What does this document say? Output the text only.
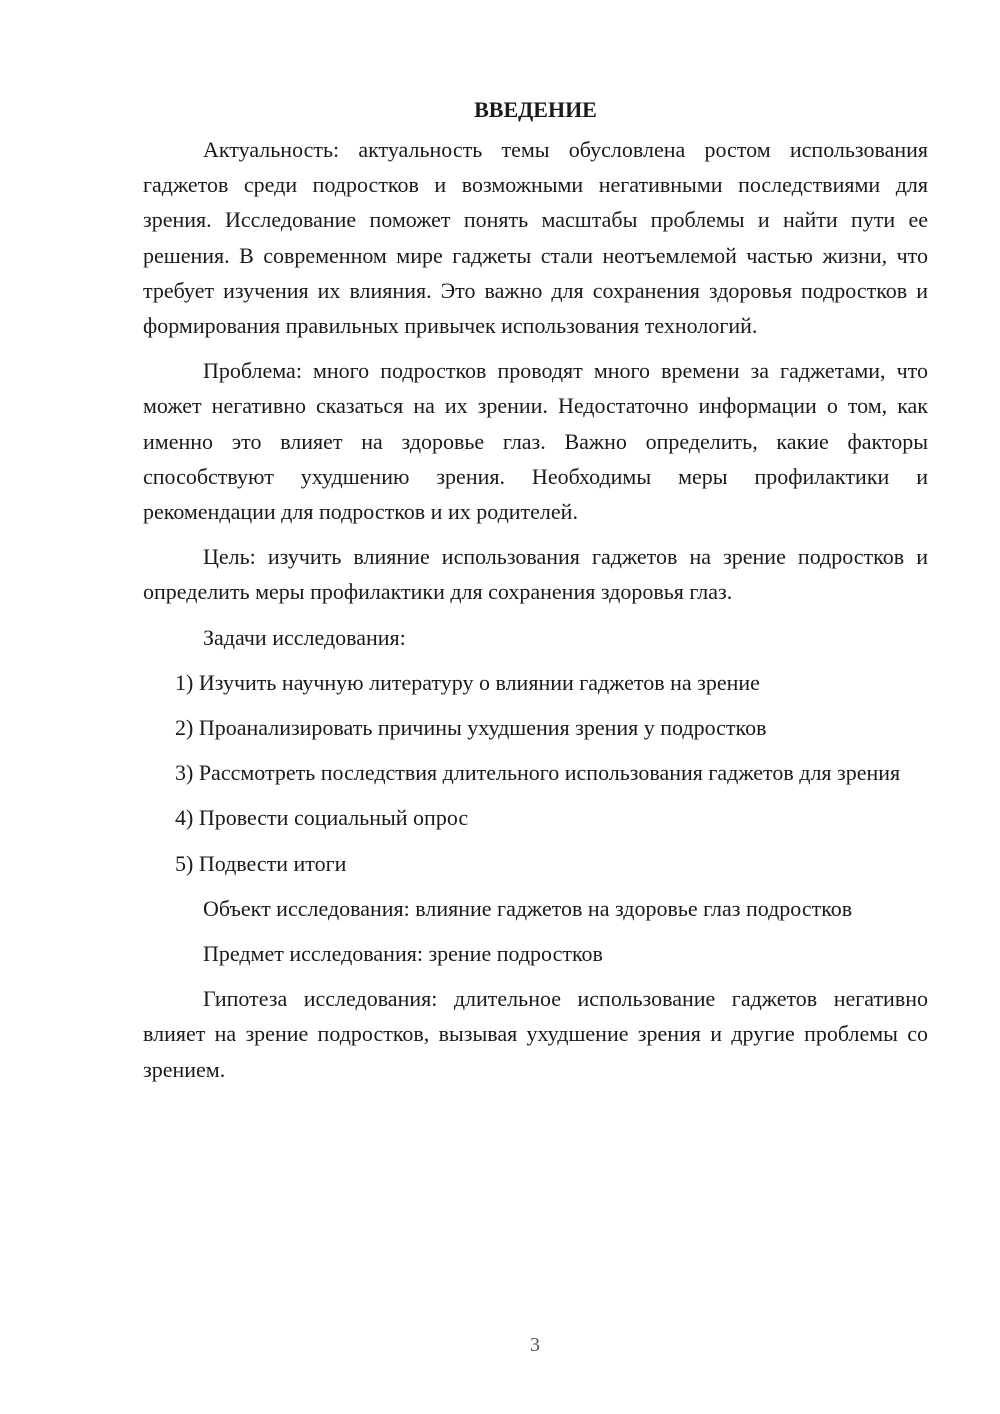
ВВЕДЕНИЕ

Актуальность: актуальность темы обусловлена ростом использования гаджетов среди подростков и возможными негативными последствиями для зрения. Исследование поможет понять масштабы проблемы и найти пути ее решения. В современном мире гаджеты стали неотъемлемой частью жизни, что требует изучения их влияния. Это важно для сохранения здоровья подростков и формирования правильных привычек использования технологий.

Проблема: много подростков проводят много времени за гаджетами, что может негативно сказаться на их зрении. Недостаточно информации о том, как именно это влияет на здоровье глаз. Важно определить, какие факторы способствуют ухудшению зрения. Необходимы меры профилактики и рекомендации для подростков и их родителей.

Цель: изучить влияние использования гаджетов на зрение подростков и определить меры профилактики для сохранения здоровья глаз.

Задачи исследования:

1) Изучить научную литературу о влиянии гаджетов на зрение

2) Проанализировать причины ухудшения зрения у подростков

3) Рассмотреть последствия длительного использования гаджетов для зрения

4) Провести социальный опрос

5) Подвести итоги

Объект исследования: влияние гаджетов на здоровье глаз подростков

Предмет исследования: зрение подростков

Гипотеза исследования: длительное использование гаджетов негативно влияет на зрение подростков, вызывая ухудшение зрения и другие проблемы со зрением.

3
